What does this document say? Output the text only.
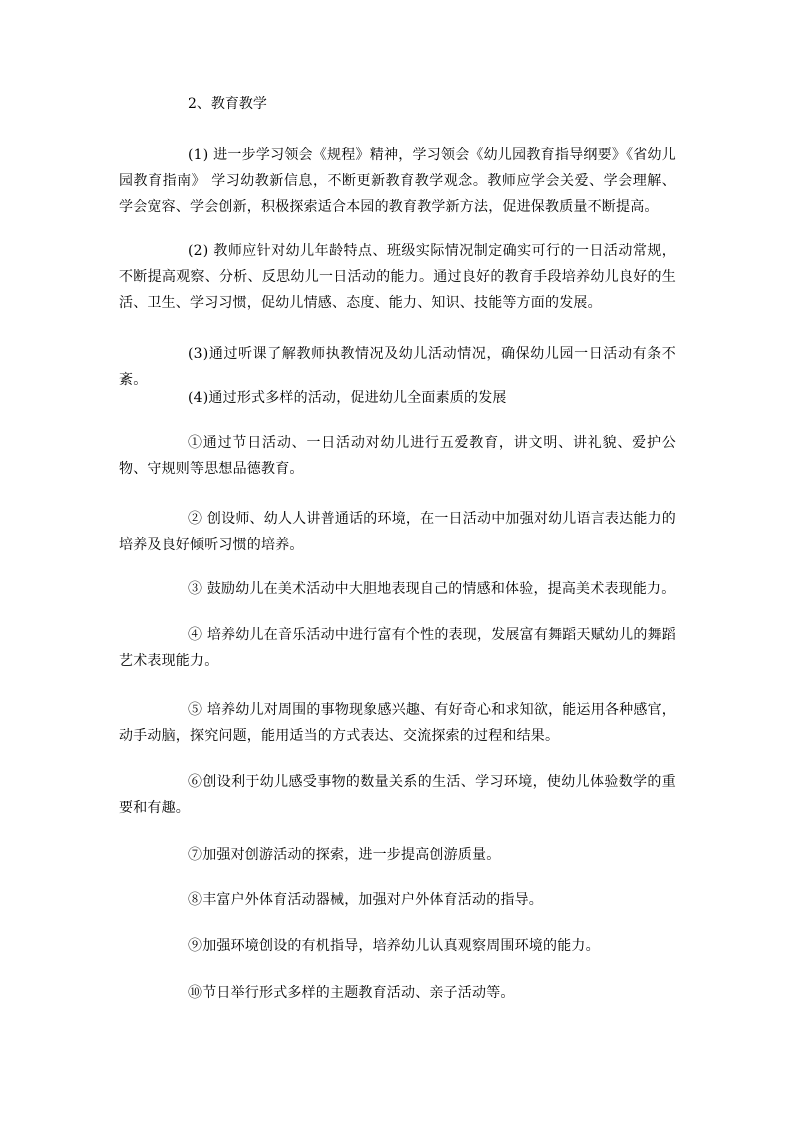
2、教育教学

(1) 进一步学习领会《规程》精神，学习领会《幼儿园教育指导纲要》《省幼儿园教育指南》 学习幼教新信息，不断更新教育教学观念。教师应学会关爱、学会理解、学会宽容、学会创新，积极探索适合本园的教育教学新方法，促进保教质量不断提高。

(2) 教师应针对幼儿年龄特点、班级实际情况制定确实可行的一日活动常规，不断提高观察、分析、反思幼儿一日活动的能力。通过良好的教育手段培养幼儿良好的生活、卫生、学习习惯，促幼儿情感、态度、能力、知识、技能等方面的发展。

(3)通过听课了解教师执教情况及幼儿活动情况，确保幼儿园一日活动有条不紊。

(4)通过形式多样的活动，促进幼儿全面素质的发展

①通过节日活动、一日活动对幼儿进行五爱教育，讲文明、讲礼貌、爱护公物、守规则等思想品德教育。

② 创设师、幼人人讲普通话的环境，在一日活动中加强对幼儿语言表达能力的培养及良好倾听习惯的培养。

③ 鼓励幼儿在美术活动中大胆地表现自己的情感和体验，提高美术表现能力。

④ 培养幼儿在音乐活动中进行富有个性的表现，发展富有舞蹈天赋幼儿的舞蹈艺术表现能力。

⑤ 培养幼儿对周围的事物现象感兴趣、有好奇心和求知欲，能运用各种感官，动手动脑，探究问题，能用适当的方式表达、交流探索的过程和结果。

⑥创设利于幼儿感受事物的数量关系的生活、学习环境，使幼儿体验数学的重要和有趣。

⑦加强对创游活动的探索，进一步提高创游质量。

⑧丰富户外体育活动器械，加强对户外体育活动的指导。

⑨加强环境创设的有机指导，培养幼儿认真观察周围环境的能力。

⑩节日举行形式多样的主题教育活动、亲子活动等。
